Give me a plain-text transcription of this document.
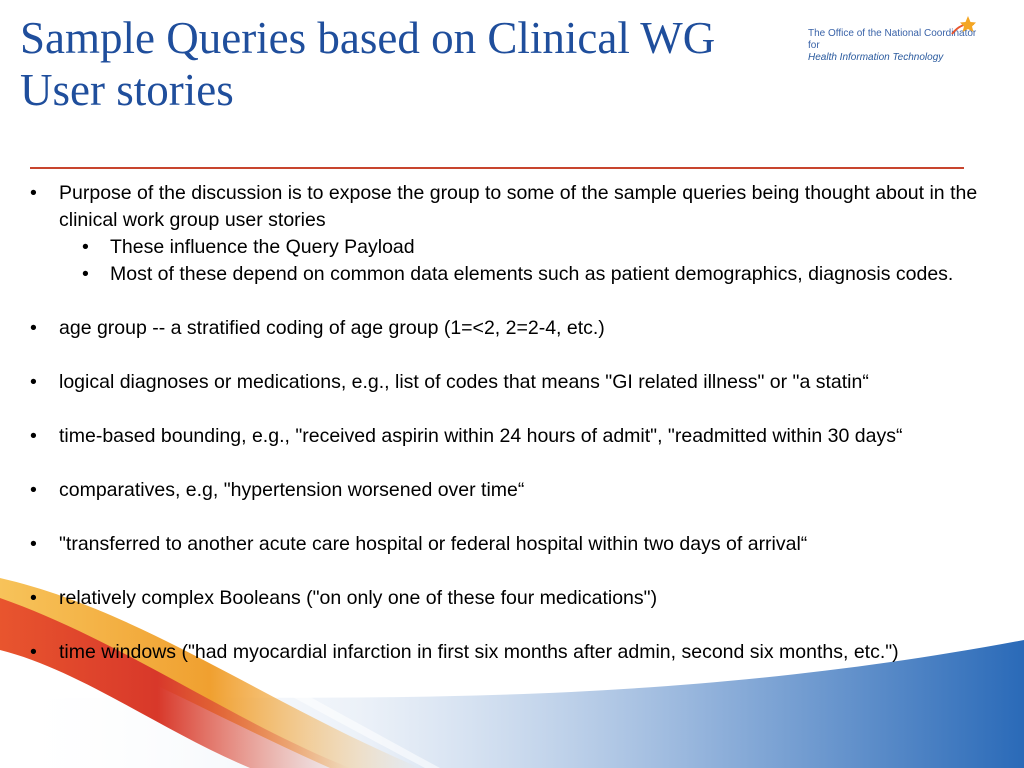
The Office of the National Coordinator for
Health Information Technology
Sample Queries based on Clinical WG
User stories
• Purpose of the discussion is to expose the group to some of the sample queries being thought about in the clinical work group user stories
• These influence the Query Payload
• Most of these depend on common data elements such as patient demographics, diagnosis codes.
• age group -- a stratified coding of age group (1=<2, 2=2-4, etc.)
• logical diagnoses or medications, e.g., list of codes that means "GI related illness" or "a statin“
• time-based bounding, e.g., "received aspirin within 24 hours of admit", "readmitted within 30 days“
• comparatives, e.g, "hypertension worsened over time“
• "transferred to another acute care hospital or federal hospital within two days of arrival“
• relatively complex Booleans ("on only one of these four medications")
• time windows ("had myocardial infarction in first six months after admin, second six months, etc.")
